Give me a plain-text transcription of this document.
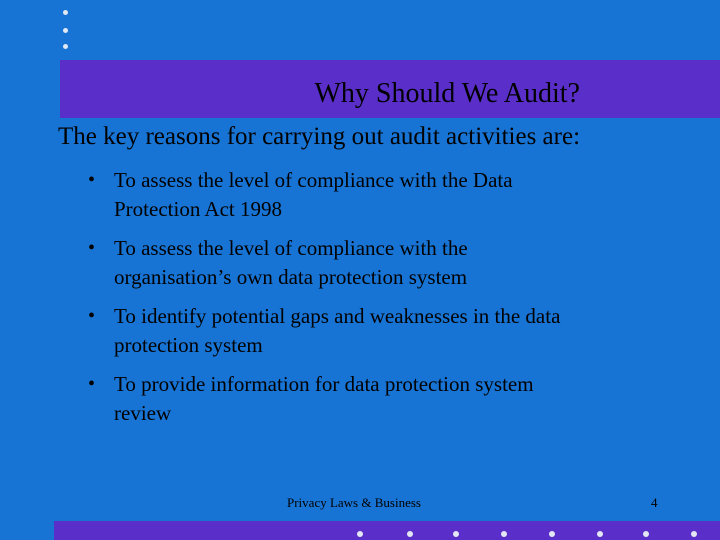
Why Should We Audit?
The key reasons for carrying out audit activities are:
• To assess the level of compliance with the Data
Protection Act 1998
• To assess the level of compliance with the
organisation’s own data protection system
• To identify potential gaps and weaknesses in the data
protection system
• To provide information for data protection system
review
Privacy Laws & Business	4
